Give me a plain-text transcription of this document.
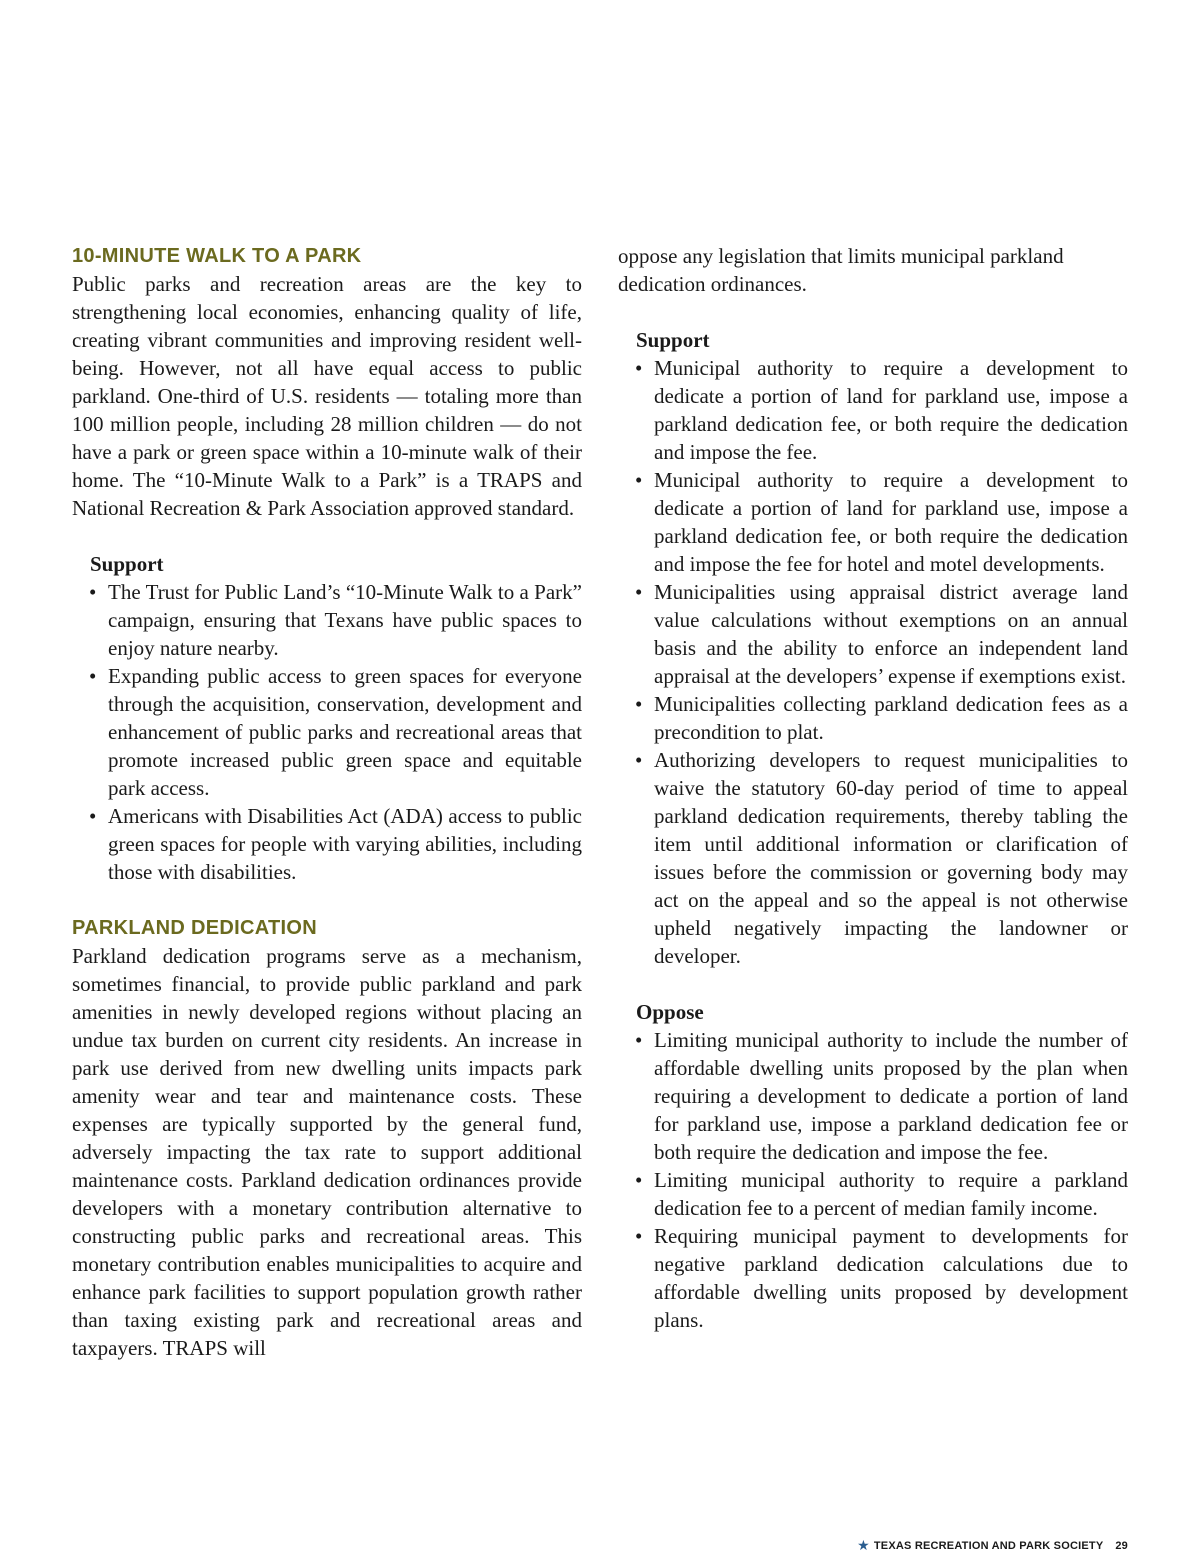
10-MINUTE WALK TO A PARK

Public parks and recreation areas are the key to strengthening local economies, enhancing quality of life, creating vibrant communities and improving resident well-being. However, not all have equal access to public parkland. One-third of U.S. residents — totaling more than 100 million people, including 28 million children — do not have a park or green space within a 10-minute walk of their home. The “10-Minute Walk to a Park” is a TRAPS and National Recreation & Park Association approved standard.

Support
• The Trust for Public Land’s “10-Minute Walk to a Park” campaign, ensuring that Texans have public spaces to enjoy nature nearby.
• Expanding public access to green spaces for everyone through the acquisition, conservation, development and enhancement of public parks and recreational areas that promote increased public green space and equitable park access.
• Americans with Disabilities Act (ADA) access to public green spaces for people with varying abilities, including those with disabilities.
PARKLAND DEDICATION

Parkland dedication programs serve as a mechanism, sometimes financial, to provide public parkland and park amenities in newly developed regions without placing an undue tax burden on current city residents. An increase in park use derived from new dwelling units impacts park amenity wear and tear and maintenance costs. These expenses are typically supported by the general fund, adversely impacting the tax rate to support additional maintenance costs. Parkland dedication ordinances provide developers with a monetary contribution alternative to constructing public parks and recreational areas. This monetary contribution enables municipalities to acquire and enhance park facilities to support population growth rather than taxing existing park and recreational areas and taxpayers. TRAPS will

oppose any legislation that limits municipal parkland dedication ordinances.

Support
• Municipal authority to require a development to dedicate a portion of land for parkland use, impose a parkland dedication fee, or both require the dedication and impose the fee.
• Municipal authority to require a development to dedicate a portion of land for parkland use, impose a parkland dedication fee, or both require the dedication and impose the fee for hotel and motel developments.
• Municipalities using appraisal district average land value calculations without exemptions on an annual basis and the ability to enforce an independent land appraisal at the developers’ expense if exemptions exist.
• Municipalities collecting parkland dedication fees as a precondition to plat.
• Authorizing developers to request municipalities to waive the statutory 60-day period of time to appeal parkland dedication requirements, thereby tabling the item until additional information or clarification of issues before the commission or governing body may act on the appeal and so the appeal is not otherwise upheld negatively impacting the landowner or developer.
Oppose
• Limiting municipal authority to include the number of affordable dwelling units proposed by the plan when requiring a development to dedicate a portion of land for parkland use, impose a parkland dedication fee or both require the dedication and impose the fee.
• Limiting municipal authority to require a parkland dedication fee to a percent of median family income.
• Requiring municipal payment to developments for negative parkland dedication calculations due to affordable dwelling units proposed by development plans.
★ TEXAS RECREATION AND PARK SOCIETY 29
